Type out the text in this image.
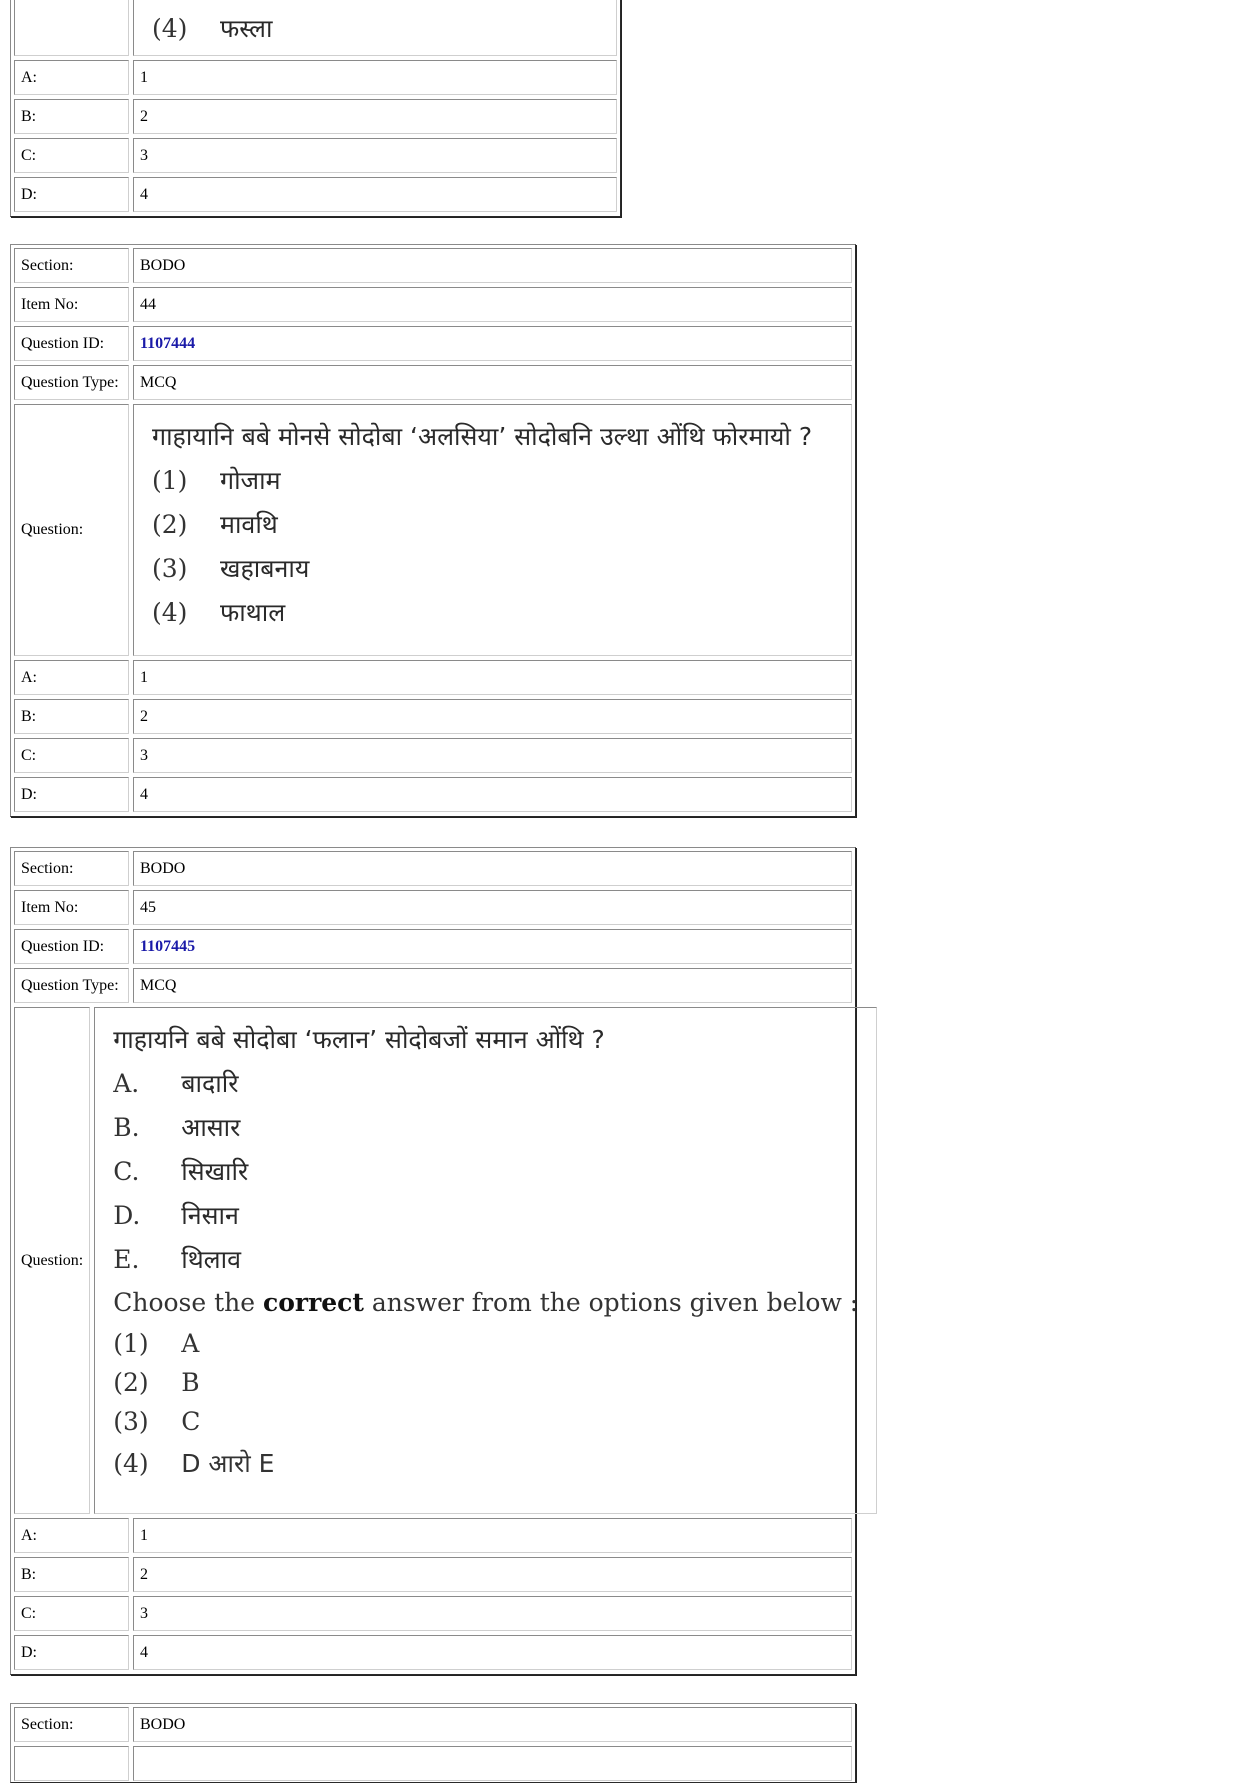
(4)	फस्ला
A:	1
B:	2
C:	3
D:	4
Section:	BODO
Item No:	44
Question ID:	1107444
Question Type:	MCQ
Question:
गाहायानि बबे मोनसे सोदोबा ‘अलसिया’ सोदोबनि उल्था ओंथि फोरमायो ?
(1)	गोजाम
(2)	मावथि
(3)	खहाबनाय
(4)	फाथाल
A:	1
B:	2
C:	3
D:	4
Section:	BODO
Item No:	45
Question ID:	1107445
Question Type:	MCQ
Question:
गाहायनि बबे सोदोबा ‘फलान’ सोदोबजों समान ओंथि ?
A.	बादारि
B.	आसार
C.	सिखारि
D.	निसान
E.	थिलाव
Choose the correct answer from the options given below :
(1)	A
(2)	B
(3)	C
(4)	D आरो E
A:	1
B:	2
C:	3
D:	4
Section:	BODO
